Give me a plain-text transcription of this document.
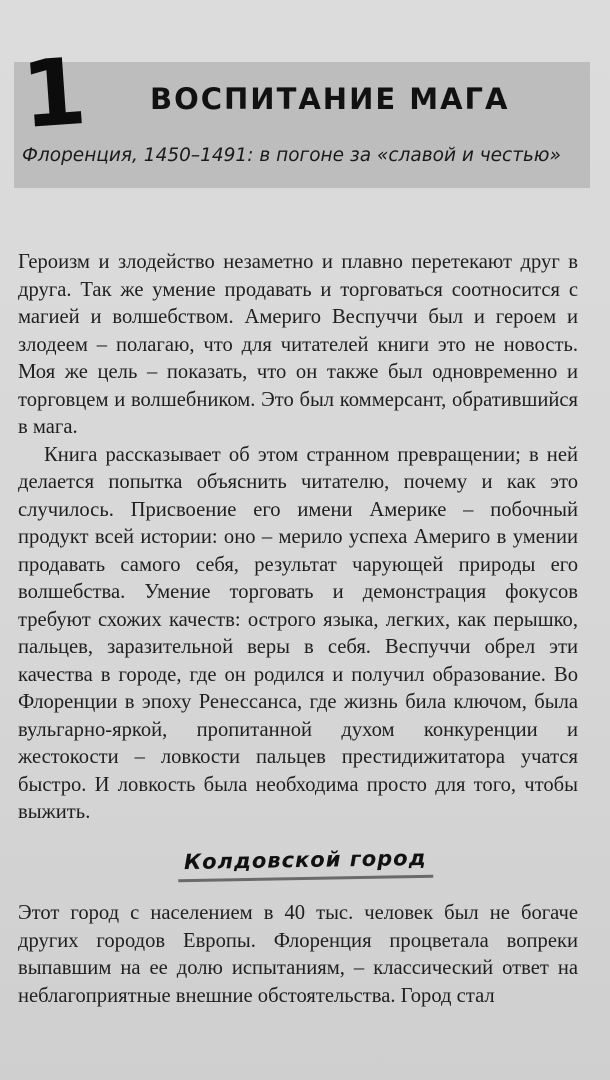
1 ВОСПИТАНИЕ МАГА
Флоренция, 1450–1491: в погоне за «славой и честью»

Героизм и злодейство незаметно и плавно перетекают друг в друга. Так же умение продавать и торговаться соотносится с магией и волшебством. Америго Веспуччи был и героем и злодеем – полагаю, что для читателей книги это не новость. Моя же цель – показать, что он также был одновременно и торговцем и волшебником. Это был коммерсант, обратившийся в мага.

Книга рассказывает об этом странном превращении; в ней делается попытка объяснить читателю, почему и как это случилось. Присвоение его имени Америке – побочный продукт всей истории: оно – мерило успеха Америго в умении продавать самого себя, результат чарующей природы его волшебства. Умение торговать и демонстрация фокусов требуют схожих качеств: острого языка, легких, как перышко, пальцев, заразительной веры в себя. Веспуччи обрел эти качества в городе, где он родился и получил образование. Во Флоренции в эпоху Ренессанса, где жизнь била ключом, была вульгарно-яркой, пропитанной духом конкуренции и жестокости – ловкости пальцев престидижитатора учатся быстро. И ловкость была необходима просто для того, чтобы выжить.

Колдовской город

Этот город с населением в 40 тыс. человек был не богаче других городов Европы. Флоренция процветала вопреки выпавшим на ее долю испытаниям, – классический ответ на неблагоприятные внешние обстоятельства. Город стал
